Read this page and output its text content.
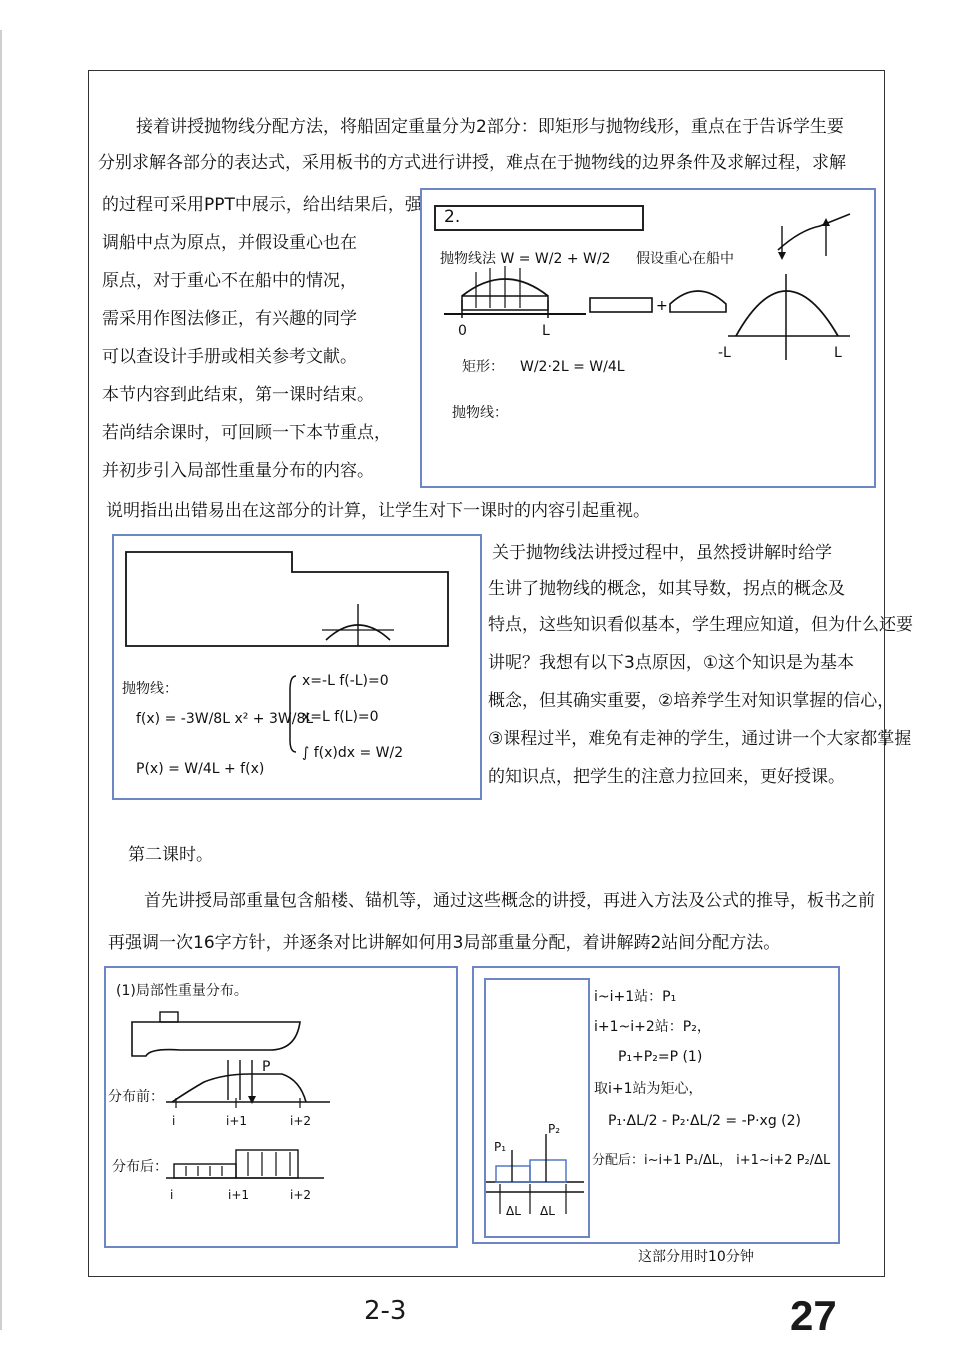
接着讲授抛物线分配方法，将船固定重量分为2部分：即矩形与抛物线形，重点在于告诉学生要
分别求解各部分的表达式，采用板书的方式进行讲授，难点在于抛物线的边界条件及求解过程，求解
的过程可采用PPT中展示，给出结果后，强
调船中点为原点，并假设重心也在
原点，对于重心不在船中的情况，
需采用作图法修正，有兴趣的同学
可以查设计手册或相关参考文献。
本节内容到此结束，第一课时结束。
若尚结余课时，可回顾一下本节重点，
并初步引入局部性重量分布的内容。
说明指出出错易出在这部分的计算，让学生对下一课时的内容引起重视。
2.
抛物线法 W = W/2 + W/2 假设重心在船中
+
0	L
-L	L
矩形： W/2·2L = W/4L
抛物线：
抛物线：
f(x) = -3W/8L x² + 3W/8L
P(x) = W/4L + f(x)
x=-L f(-L)=0
x=L f(L)=0
∫ f(x)dx = W/2
关于抛物线法讲授过程中，虽然授讲解时给学
生讲了抛物线的概念，如其导数，拐点的概念及
特点，这些知识看似基本，学生理应知道，但为什么还要
讲呢？我想有以下3点原因，①这个知识是为基本
概念，但其确实重要，②培养学生对知识掌握的信心，
③课程过半，难免有走神的学生，通过讲一个大家都掌握
的知识点，把学生的注意力拉回来，更好授课。
第二课时。
首先讲授局部重量包含船楼、锚机等，通过这些概念的讲授，再进入方法及公式的推导，板书之前
再强调一次16字方针，并逐条对比讲解如何用3局部重量分配，着讲解踌2站间分配方法。
(1)局部性重量分布。
P
分布前：
i	i+1	i+2
分布后：
i	i+1	i+2
P₁
P₂
ΔL ΔL
i~i+1站：P₁
i+1~i+2站：P₂，
P₁+P₂=P (1)
取i+1站为矩心，
P₁·ΔL/2 - P₂·ΔL/2 = -P·xg (2)
分配后：i~i+1 P₁/ΔL， i+1~i+2 P₂/ΔL
这部分用时10分钟
2-3	27
